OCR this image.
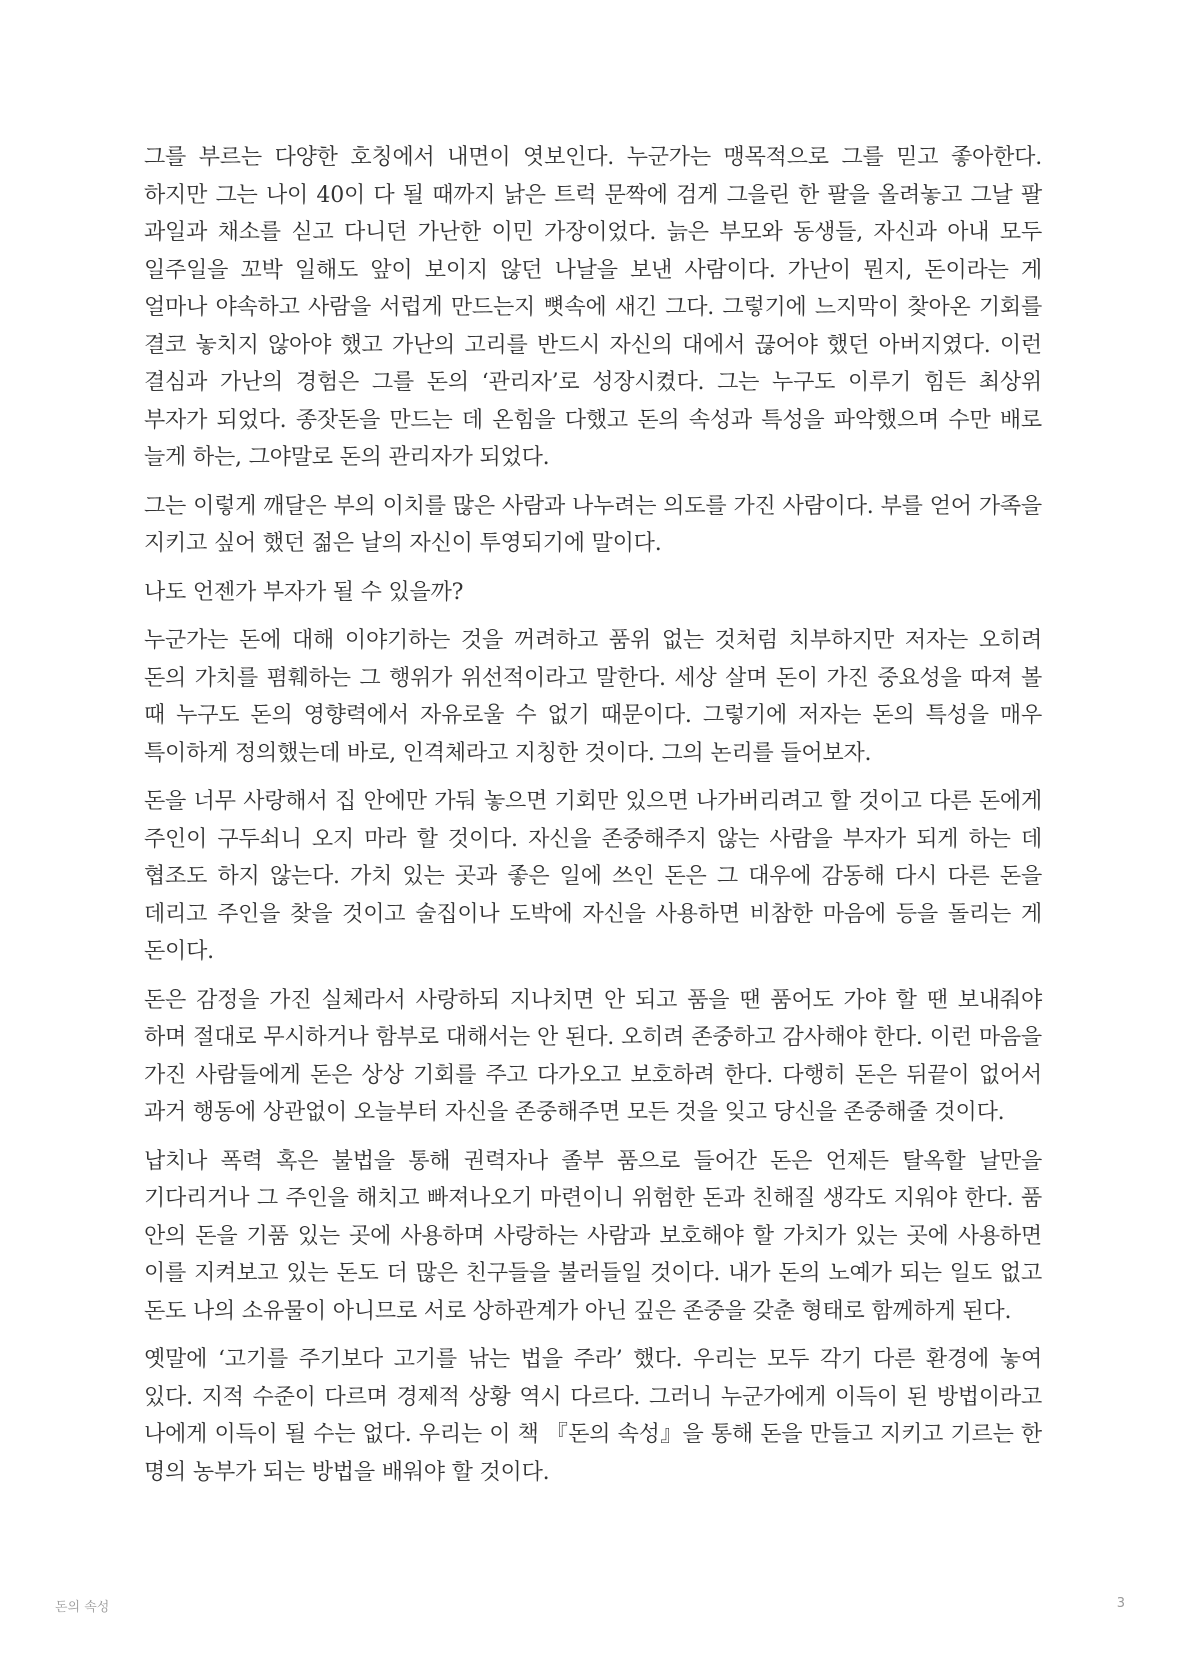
그를 부르는 다양한 호칭에서 내면이 엿보인다. 누군가는 맹목적으로 그를 믿고 좋아한다. 하지만 그는 나이 40이 다 될 때까지 낡은 트럭 문짝에 검게 그을린 한 팔을 올려놓고 그날 팔 과일과 채소를 싣고 다니던 가난한 이민 가장이었다. 늙은 부모와 동생들, 자신과 아내 모두 일주일을 꼬박 일해도 앞이 보이지 않던 나날을 보낸 사람이다. 가난이 뭔지, 돈이라는 게 얼마나 야속하고 사람을 서럽게 만드는지 뼛속에 새긴 그다. 그렇기에 느지막이 찾아온 기회를 결코 놓치지 않아야 했고 가난의 고리를 반드시 자신의 대에서 끊어야 했던 아버지였다. 이런 결심과 가난의 경험은 그를 돈의 ‘관리자’로 성장시켰다. 그는 누구도 이루기 힘든 최상위 부자가 되었다. 종잣돈을 만드는 데 온힘을 다했고 돈의 속성과 특성을 파악했으며 수만 배로 늘게 하는, 그야말로 돈의 관리자가 되었다.

그는 이렇게 깨달은 부의 이치를 많은 사람과 나누려는 의도를 가진 사람이다. 부를 얻어 가족을 지키고 싶어 했던 젊은 날의 자신이 투영되기에 말이다.

나도 언젠가 부자가 될 수 있을까?

누군가는 돈에 대해 이야기하는 것을 꺼려하고 품위 없는 것처럼 치부하지만 저자는 오히려 돈의 가치를 폄훼하는 그 행위가 위선적이라고 말한다. 세상 살며 돈이 가진 중요성을 따져 볼 때 누구도 돈의 영향력에서 자유로울 수 없기 때문이다. 그렇기에 저자는 돈의 특성을 매우 특이하게 정의했는데 바로, 인격체라고 지칭한 것이다. 그의 논리를 들어보자.

돈을 너무 사랑해서 집 안에만 가둬 놓으면 기회만 있으면 나가버리려고 할 것이고 다른 돈에게 주인이 구두쇠니 오지 마라 할 것이다. 자신을 존중해주지 않는 사람을 부자가 되게 하는 데 협조도 하지 않는다. 가치 있는 곳과 좋은 일에 쓰인 돈은 그 대우에 감동해 다시 다른 돈을 데리고 주인을 찾을 것이고 술집이나 도박에 자신을 사용하면 비참한 마음에 등을 돌리는 게 돈이다.

돈은 감정을 가진 실체라서 사랑하되 지나치면 안 되고 품을 땐 품어도 가야 할 땐 보내줘야 하며 절대로 무시하거나 함부로 대해서는 안 된다. 오히려 존중하고 감사해야 한다. 이런 마음을 가진 사람들에게 돈은 상상 기회를 주고 다가오고 보호하려 한다. 다행히 돈은 뒤끝이 없어서 과거 행동에 상관없이 오늘부터 자신을 존중해주면 모든 것을 잊고 당신을 존중해줄 것이다.

납치나 폭력 혹은 불법을 통해 권력자나 졸부 품으로 들어간 돈은 언제든 탈옥할 날만을 기다리거나 그 주인을 해치고 빠져나오기 마련이니 위험한 돈과 친해질 생각도 지워야 한다. 품 안의 돈을 기품 있는 곳에 사용하며 사랑하는 사람과 보호해야 할 가치가 있는 곳에 사용하면 이를 지켜보고 있는 돈도 더 많은 친구들을 불러들일 것이다. 내가 돈의 노예가 되는 일도 없고 돈도 나의 소유물이 아니므로 서로 상하관계가 아닌 깊은 존중을 갖춘 형태로 함께하게 된다.

옛말에 ‘고기를 주기보다 고기를 낚는 법을 주라’ 했다. 우리는 모두 각기 다른 환경에 놓여 있다. 지적 수준이 다르며 경제적 상황 역시 다르다. 그러니 누군가에게 이득이 된 방법이라고 나에게 이득이 될 수는 없다. 우리는 이 책 『돈의 속성』을 통해 돈을 만들고 지키고 기르는 한 명의 농부가 되는 방법을 배워야 할 것이다.

돈의 속성	3
